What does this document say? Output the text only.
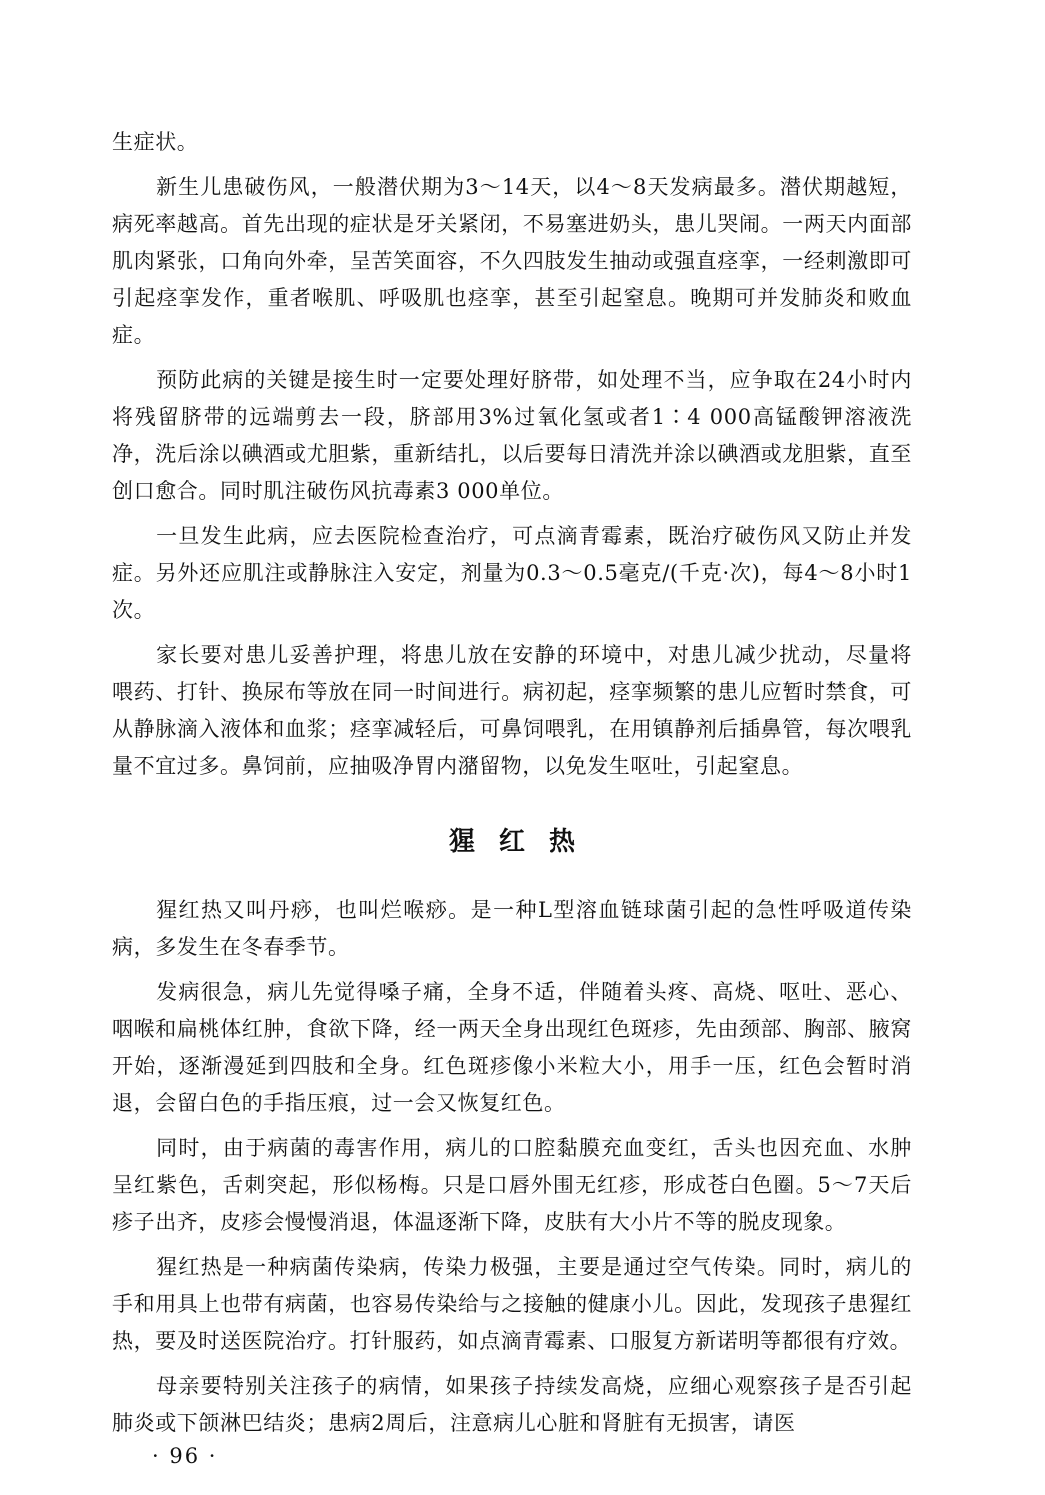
生症状。

新生儿患破伤风，一般潜伏期为3～14天，以4～8天发病最多。潜伏期越短，病死率越高。首先出现的症状是牙关紧闭，不易塞进奶头，患儿哭闹。一两天内面部肌肉紧张，口角向外牵，呈苦笑面容，不久四肢发生抽动或强直痉挛，一经刺激即可引起痉挛发作，重者喉肌、呼吸肌也痉挛，甚至引起窒息。晚期可并发肺炎和败血症。

预防此病的关键是接生时一定要处理好脐带，如处理不当，应争取在24小时内将残留脐带的远端剪去一段，脐部用3%过氧化氢或者1∶4 000高锰酸钾溶液洗净，洗后涂以碘酒或尤胆紫，重新结扎，以后要每日清洗并涂以碘酒或龙胆紫，直至创口愈合。同时肌注破伤风抗毒素3 000单位。

一旦发生此病，应去医院检查治疗，可点滴青霉素，既治疗破伤风又防止并发症。另外还应肌注或静脉注入安定，剂量为0.3～0.5毫克/(千克·次)，每4～8小时1次。

家长要对患儿妥善护理，将患儿放在安静的环境中，对患儿减少扰动，尽量将喂药、打针、换尿布等放在同一时间进行。病初起，痉挛频繁的患儿应暂时禁食，可从静脉滴入液体和血浆；痉挛减轻后，可鼻饲喂乳，在用镇静剂后插鼻管，每次喂乳量不宜过多。鼻饲前，应抽吸净胃内潴留物，以免发生呕吐，引起窒息。

猩红热

猩红热又叫丹痧，也叫烂喉痧。是一种L型溶血链球菌引起的急性呼吸道传染病，多发生在冬春季节。

发病很急，病儿先觉得嗓子痛，全身不适，伴随着头疼、高烧、呕吐、恶心、咽喉和扁桃体红肿，食欲下降，经一两天全身出现红色斑疹，先由颈部、胸部、腋窝开始，逐渐漫延到四肢和全身。红色斑疹像小米粒大小，用手一压，红色会暂时消退，会留白色的手指压痕，过一会又恢复红色。

同时，由于病菌的毒害作用，病儿的口腔黏膜充血变红，舌头也因充血、水肿呈红紫色，舌刺突起，形似杨梅。只是口唇外围无红疹，形成苍白色圈。5～7天后疹子出齐，皮疹会慢慢消退，体温逐渐下降，皮肤有大小片不等的脱皮现象。

猩红热是一种病菌传染病，传染力极强，主要是通过空气传染。同时，病儿的手和用具上也带有病菌，也容易传染给与之接触的健康小儿。因此，发现孩子患猩红热，要及时送医院治疗。打针服药，如点滴青霉素、口服复方新诺明等都很有疗效。

母亲要特别关注孩子的病情，如果孩子持续发高烧，应细心观察孩子是否引起肺炎或下颌淋巴结炎；患病2周后，注意病儿心脏和肾脏有无损害，请医

· 96 ·
